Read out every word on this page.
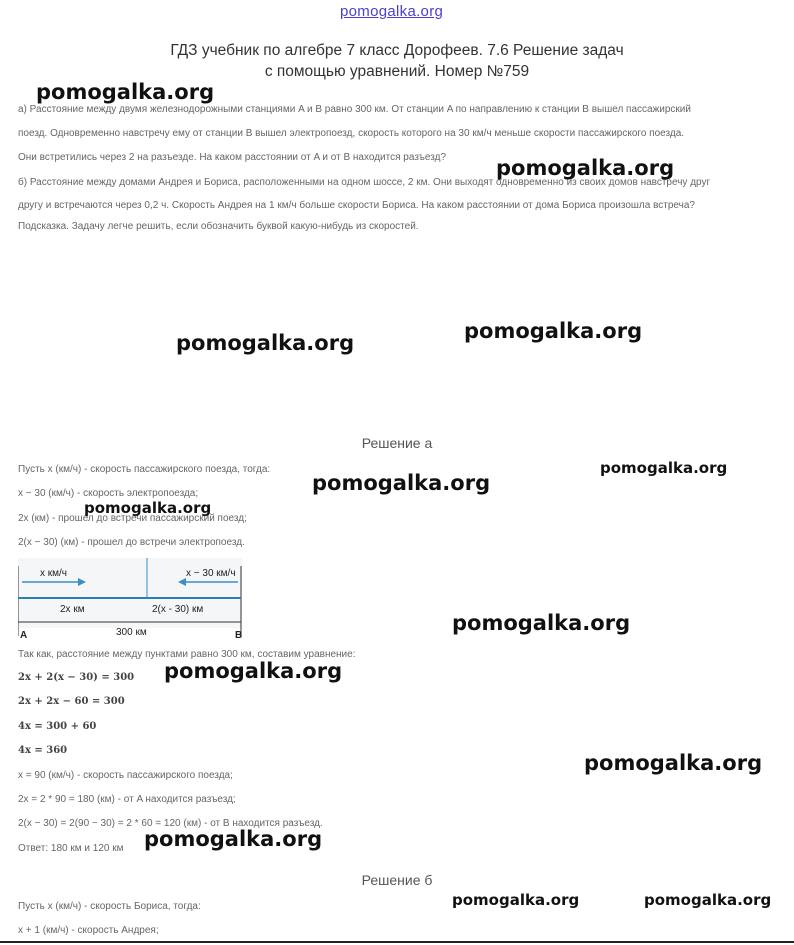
pomogalka.org
ГДЗ учебник по алгебре 7 класс Дорофеев. 7.6 Решение задач
с помощью уравнений. Номер №759
а) Расстояние между двумя железнодорожными станциями A и B равно 300 км. От станции A по направлению к станции B вышел пассажирский
поезд. Одновременно навстречу ему от станции B вышел электропоезд, скорость которого на 30 км/ч меньше скорости пассажирского поезда.
Они встретились через 2 на разъезде. На каком расстоянии от A и от B находится разъезд?
б) Расстояние между домами Андрея и Бориса, расположенными на одном шоссе, 2 км. Они выходят одновременно из своих домов навстречу друг
другу и встречаются через 0,2 ч. Скорость Андрея на 1 км/ч больше скорости Бориса. На каком расстоянии от дома Бориса произошла встреча?
Подсказка. Задачу легче решить, если обозначить буквой какую-нибудь из скоростей.
Решение а
Пусть x (км/ч) - скорость пассажирского поезда, тогда:
x − 30 (км/ч) - скорость электропоезда;
2x (км) - прошел до встречи пассажирский поезд;
2(x − 30) (км) - прошел до встречи электропоезд.
x км/ч	x − 30 км/ч
2x км	2(x - 30) км
300 км
A	B
Так как, расстояние между пунктами равно 300 км, составим уравнение:
2x + 2(x − 30) = 300
2x + 2x − 60 = 300
4x = 300 + 60
4x = 360
x = 90 (км/ч) - скорость пассажирского поезда;
2x = 2 * 90 = 180 (км) - от A находится разъезд;
2(x − 30) = 2(90 − 30) = 2 * 60 = 120 (км) - от B находится разъезд.
Ответ: 180 км и 120 км
Решение б
Пусть x (км/ч) - скорость Бориса, тогда:
x + 1 (км/ч) - скорость Андрея;
pomogalka.org
pomogalka.org
pomogalka.org
pomogalka.org
pomogalka.org
pomogalka.org
pomogalka.org
pomogalka.org
pomogalka.org
pomogalka.org
pomogalka.org
pomogalka.org	pomogalka.org
